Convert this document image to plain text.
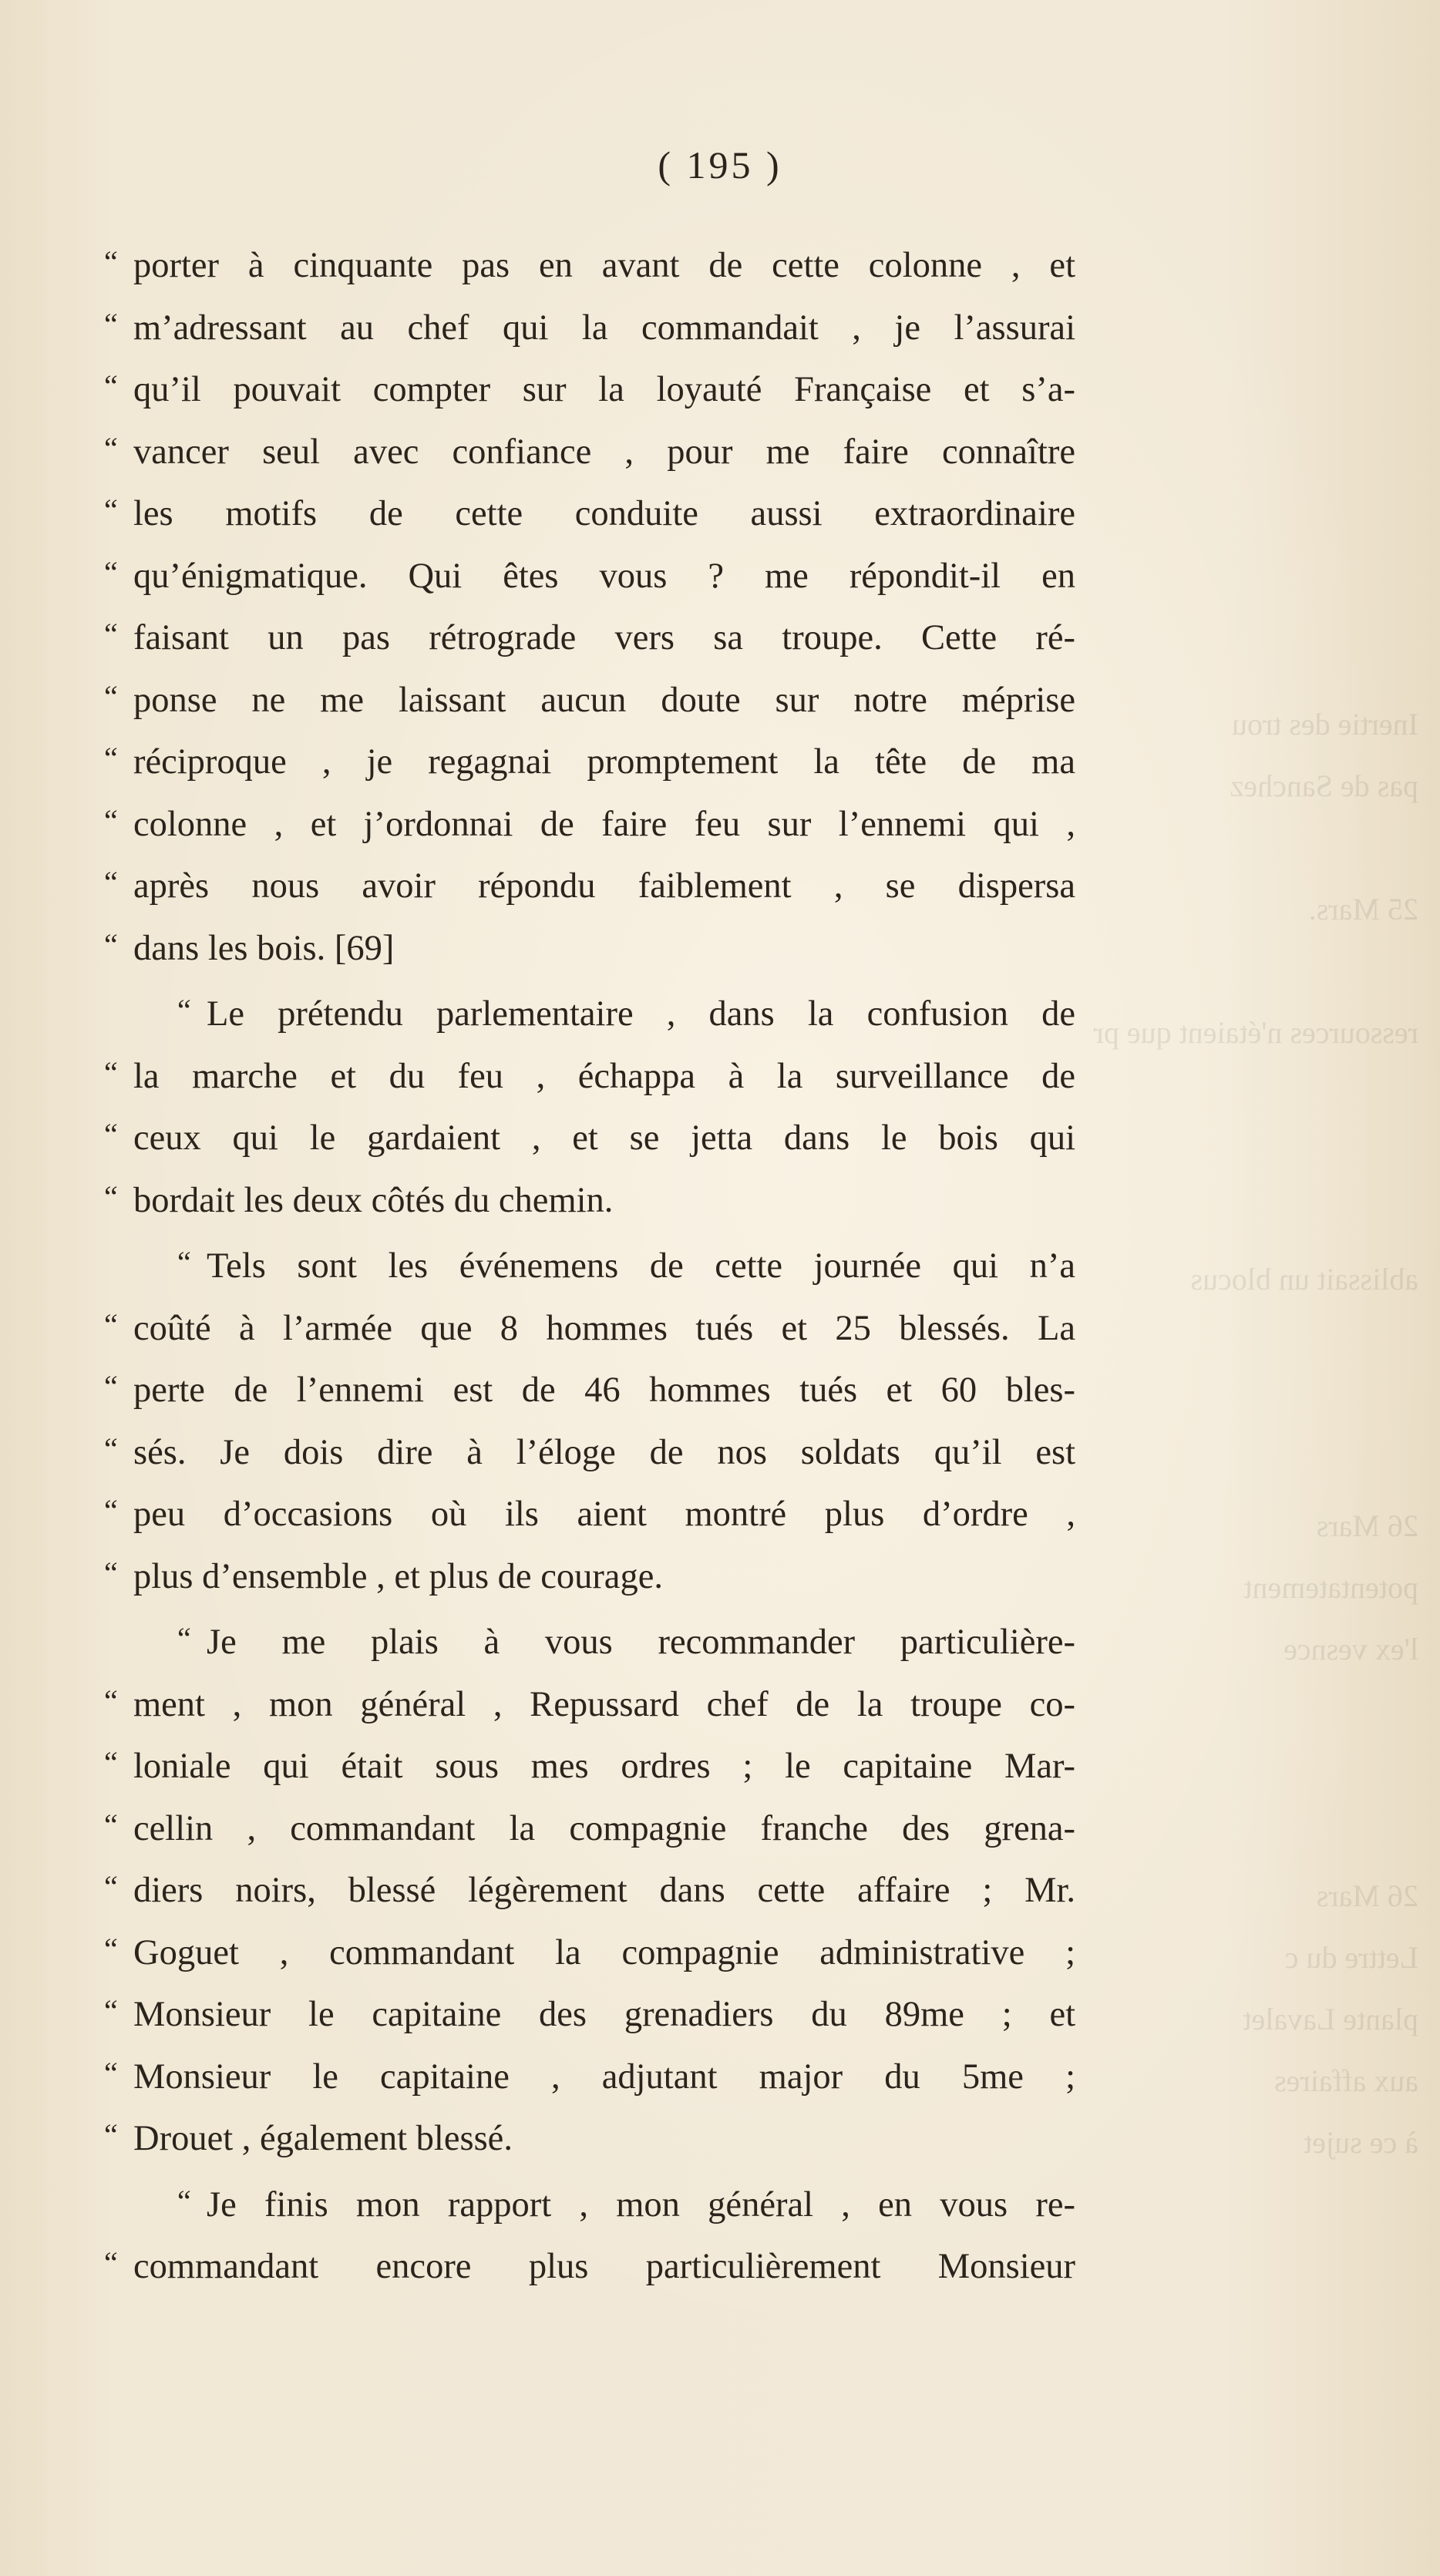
Inertie des trou
pas de Sanchez

25 Mars.

ressources n'étaient que pr

ablissait un blocus

26 Mars
potentatement
l'ex vesnce

26 Mars
Lettre du c
plante Lavalet
aux affaires
à ce sujet
( 195 )
“ porter à cinquante pas en avant de cette colonne , et
“ m’adressant au chef qui la commandait , je l’assurai
“ qu’il pouvait compter sur la loyauté Française et s’a-
“ vancer seul avec confiance , pour me faire connaître
“ les motifs de cette conduite aussi extraordinaire
“ qu’énigmatique. Qui êtes vous ? me répondit-il en
“ faisant un pas rétrograde vers sa troupe. Cette ré-
“ ponse ne me laissant aucun doute sur notre méprise
“ réciproque , je regagnai promptement la tête de ma
“ colonne , et j’ordonnai de faire feu sur l’ennemi qui ,
“ après nous avoir répondu faiblement , se dispersa
“ dans les bois. [69]
“ Le prétendu parlementaire , dans la confusion de
“ la marche et du feu , échappa à la surveillance de
“ ceux qui le gardaient , et se jetta dans le bois qui
“ bordait les deux côtés du chemin.
“ Tels sont les événemens de cette journée qui n’a
“ coûté à l’armée que 8 hommes tués et 25 blessés. La
“ perte de l’ennemi est de 46 hommes tués et 60 bles-
“ sés. Je dois dire à l’éloge de nos soldats qu’il est
“ peu d’occasions où ils aient montré plus d’ordre ,
“ plus d’ensemble , et plus de courage.
“ Je me plais à vous recommander particulière-
“ ment , mon général , Repussard chef de la troupe co-
“ loniale qui était sous mes ordres ; le capitaine Mar-
“ cellin , commandant la compagnie franche des grena-
“ diers noirs, blessé légèrement dans cette affaire ; Mr.
“ Goguet , commandant la compagnie administrative ;
“ Monsieur le capitaine des grenadiers du 89me ; et
“ Monsieur le capitaine , adjutant major du 5me ;
“ Drouet , également blessé.
“ Je finis mon rapport , mon général , en vous re-
“ commandant encore plus particulièrement Monsieur
